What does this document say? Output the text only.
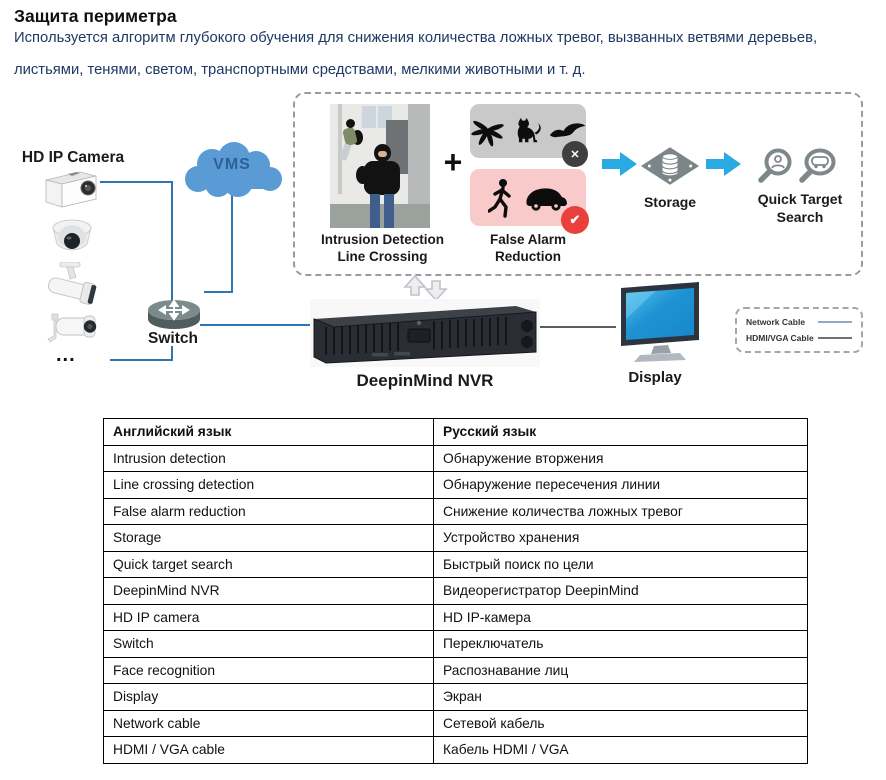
Защита периметра
Используется алгоритм глубокого обучения для снижения количества ложных тревог, вызванных ветвями деревьев,
листьями, тенями, светом, транспортными средствами, мелкими животными и т. д.
HD IP Camera
...
VMS
Switch
Intrusion Detection
Line Crossing
+	✕
✔
False Alarm
Reduction
Storage	Quick Target
Search
DeepinMind NVR	Display
Network Cable
HDMI/VGA Cable
Английский язык	Русский язык
Intrusion detection	Обнаружение вторжения
Line crossing detection	Обнаружение пересечения линии
False alarm reduction	Снижение количества ложных тревог
Storage	Устройство хранения
Quick target search	Быстрый поиск по цели
DeepinMind NVR	Видеорегистратор DeepinMind
HD IP camera	HD IP-камера
Switch	Переключатель
Face recognition	Распознавание лиц
Display	Экран
Network cable	Сетевой кабель
HDMI / VGA cable	Кабель HDMI / VGA
